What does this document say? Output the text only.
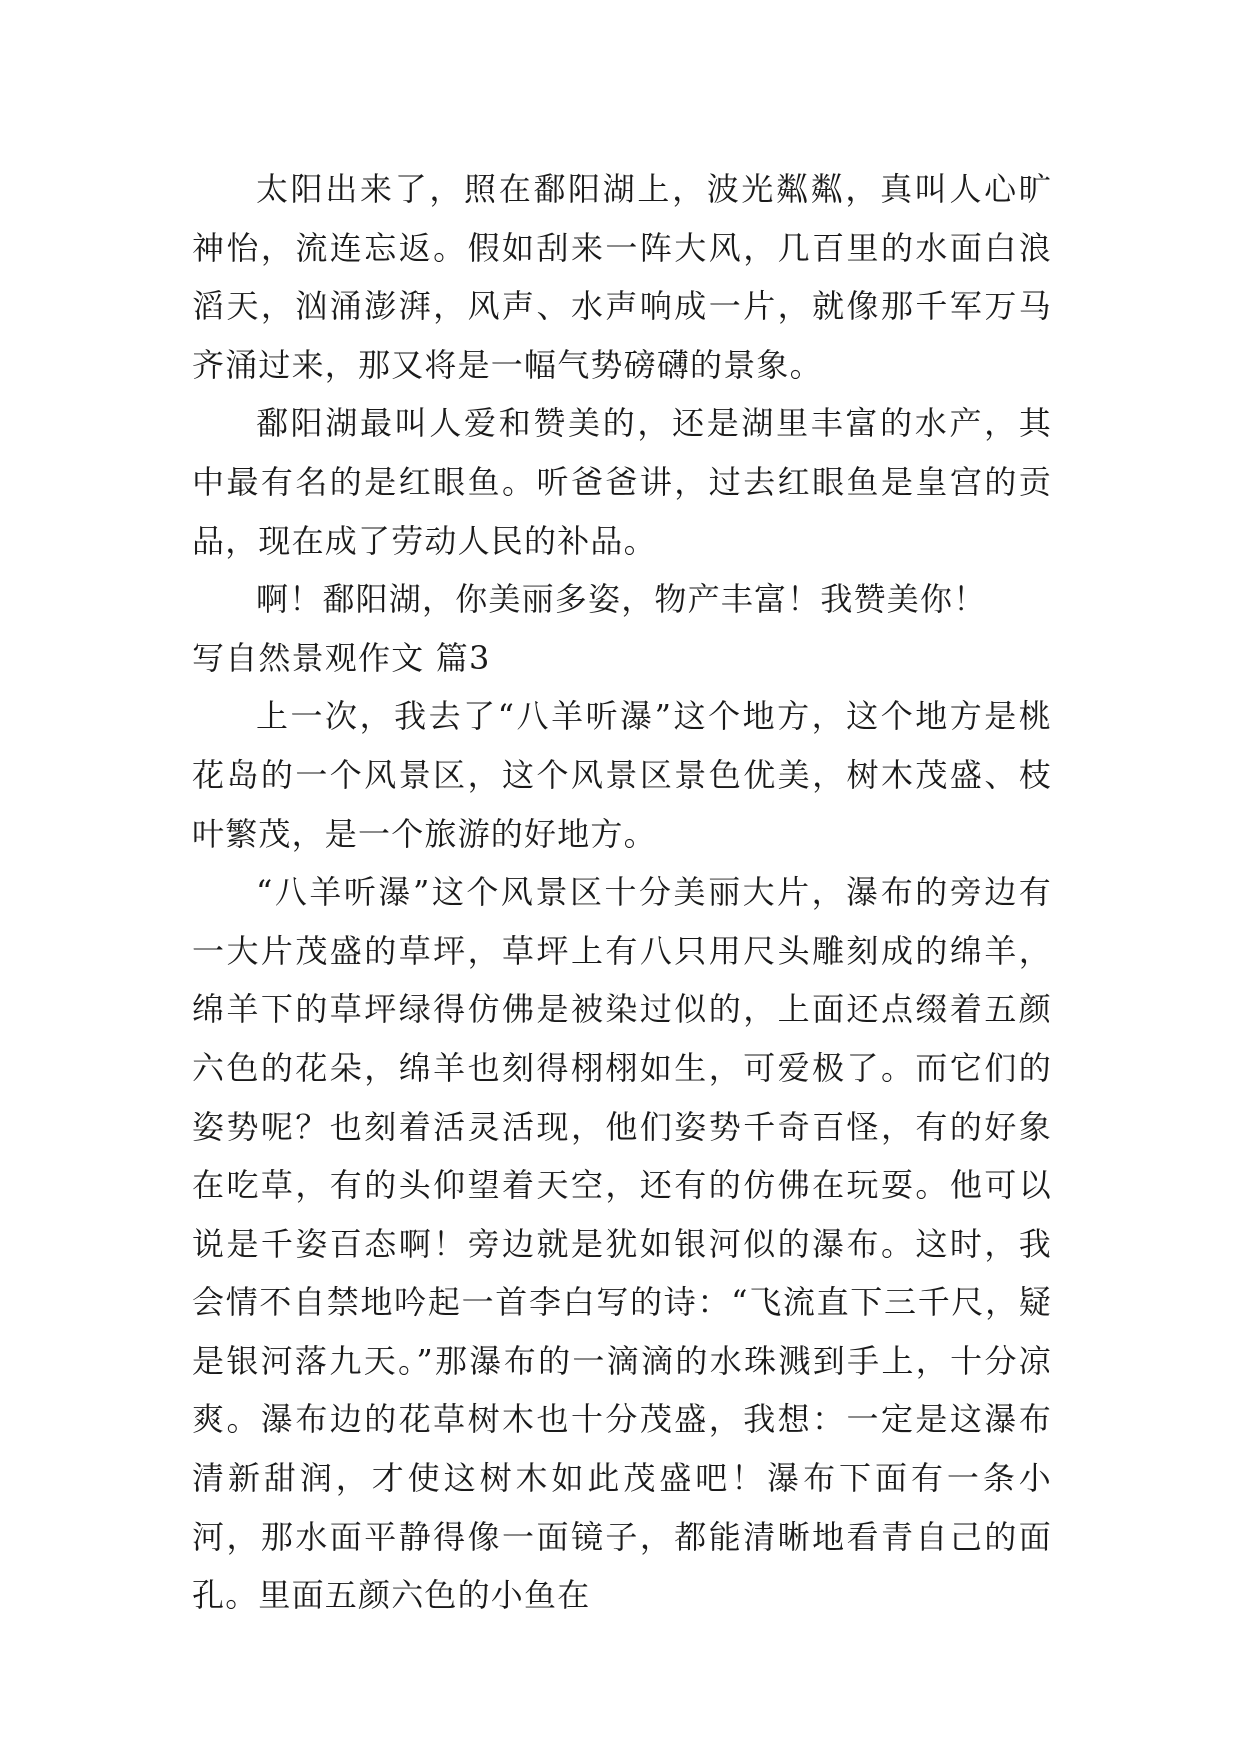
太阳出来了，照在鄱阳湖上，波光粼粼，真叫人心旷神怡，流连忘返。假如刮来一阵大风，几百里的水面白浪滔天，汹涌澎湃，风声、水声响成一片，就像那千军万马齐涌过来，那又将是一幅气势磅礴的景象。

鄱阳湖最叫人爱和赞美的，还是湖里丰富的水产，其中最有名的是红眼鱼。听爸爸讲，过去红眼鱼是皇宫的贡品，现在成了劳动人民的补品。

啊！鄱阳湖，你美丽多姿，物产丰富！我赞美你！

写自然景观作文 篇3

上一次，我去了“八羊听瀑”这个地方，这个地方是桃花岛的一个风景区，这个风景区景色优美，树木茂盛、枝叶繁茂，是一个旅游的好地方。

“八羊听瀑”这个风景区十分美丽大片，瀑布的旁边有一大片茂盛的草坪，草坪上有八只用尺头雕刻成的绵羊，绵羊下的草坪绿得仿佛是被染过似的，上面还点缀着五颜六色的花朵，绵羊也刻得栩栩如生，可爱极了。而它们的姿势呢？也刻着活灵活现，他们姿势千奇百怪，有的好象在吃草，有的头仰望着天空，还有的仿佛在玩耍。他可以说是千姿百态啊！旁边就是犹如银河似的瀑布。这时，我会情不自禁地吟起一首李白写的诗：“飞流直下三千尺，疑是银河落九天。”那瀑布的一滴滴的水珠溅到手上，十分凉爽。瀑布边的花草树木也十分茂盛，我想：一定是这瀑布清新甜润，才使这树木如此茂盛吧！瀑布下面有一条小河，那水面平静得像一面镜子，都能清晰地看青自己的面孔。里面五颜六色的小鱼在
